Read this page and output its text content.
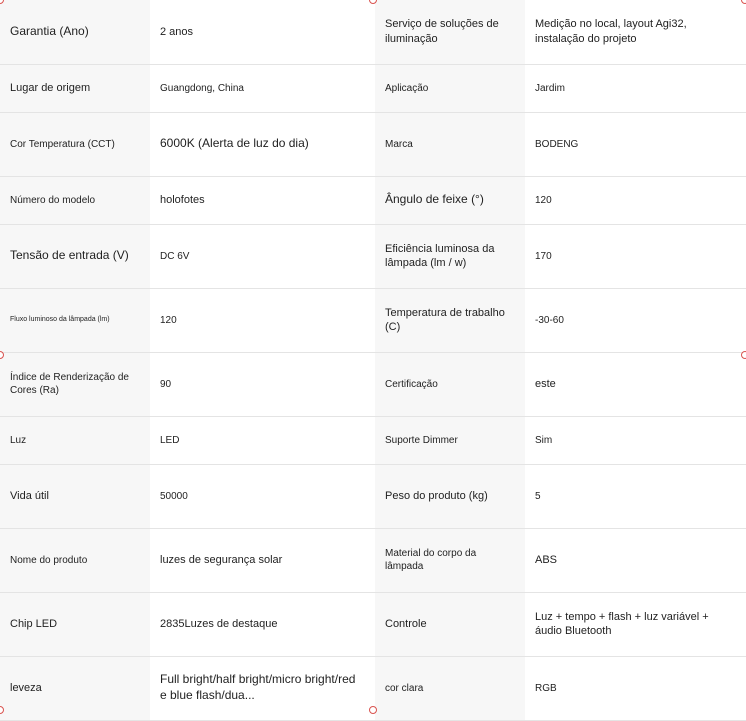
Garantia (Ano)	2 anos	Serviço de soluções de iluminação	Medição no local, layout Agi32, instalação do projeto
Lugar de origem	Guangdong, China	Aplicação	Jardim
Cor Temperatura (CCT)	6000K (Alerta de luz do dia)	Marca	BODENG
Número do modelo	holofotes	Ângulo de feixe (°)	120
Tensão de entrada (V)	DC 6V	Eficiência luminosa da lâmpada (lm / w)	170
Fluxo luminoso da lâmpada (lm)	120	Temperatura de trabalho (C)	-30-60
Índice de Renderização de Cores (Ra)	90	Certificação	este
Luz	LED	Suporte Dimmer	Sim
Vida útil	50000	Peso do produto (kg)	5
Nome do produto	luzes de segurança solar	Material do corpo da lâmpada	ABS
Chip LED	2835Luzes de destaque	Controle	Luz + tempo + flash + luz variável + áudio Bluetooth
leveza	Full bright/half bright/micro bright/red e blue flash/dua...	cor clara	RGB
